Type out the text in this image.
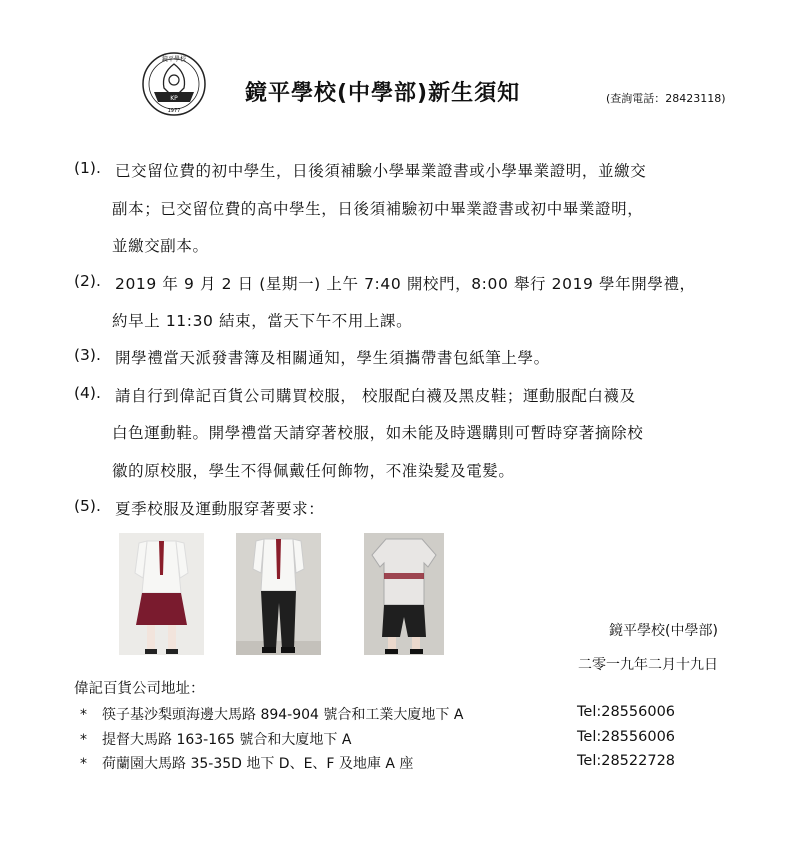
鏡平學校
KP
1977
鏡平學校(中學部)新生須知	(查詢電話：28423118)
(1). 已交留位費的初中學生，日後須補驗小學畢業證書或小學畢業證明，並繳交
副本；已交留位費的高中學生，日後須補驗初中畢業證書或初中畢業證明，
並繳交副本。
(2). 2019 年 9 月 2 日 (星期一) 上午 7:40 開校門，8:00 舉行 2019 學年開學禮，
約早上 11:30 結束，當天下午不用上課。
(3). 開學禮當天派發書簿及相關通知，學生須攜帶書包紙筆上學。
(4). 請自行到偉記百貨公司購買校服， 校服配白襪及黑皮鞋；運動服配白襪及
白色運動鞋。開學禮當天請穿著校服，如未能及時選購則可暫時穿著摘除校
徽的原校服，學生不得佩戴任何飾物，不准染髮及電髮。
(5). 夏季校服及運動服穿著要求：
鏡平學校(中學部)
二零一九年二月十九日
偉記百貨公司地址：
* 筷子基沙梨頭海邊大馬路 894-904 號合和工業大廈地下 A	Tel:28556006
* 提督大馬路 163-165 號合和大廈地下 A	Tel:28556006
* 荷蘭園大馬路 35-35D 地下 D、E、F 及地庫 A 座	Tel:28522728
